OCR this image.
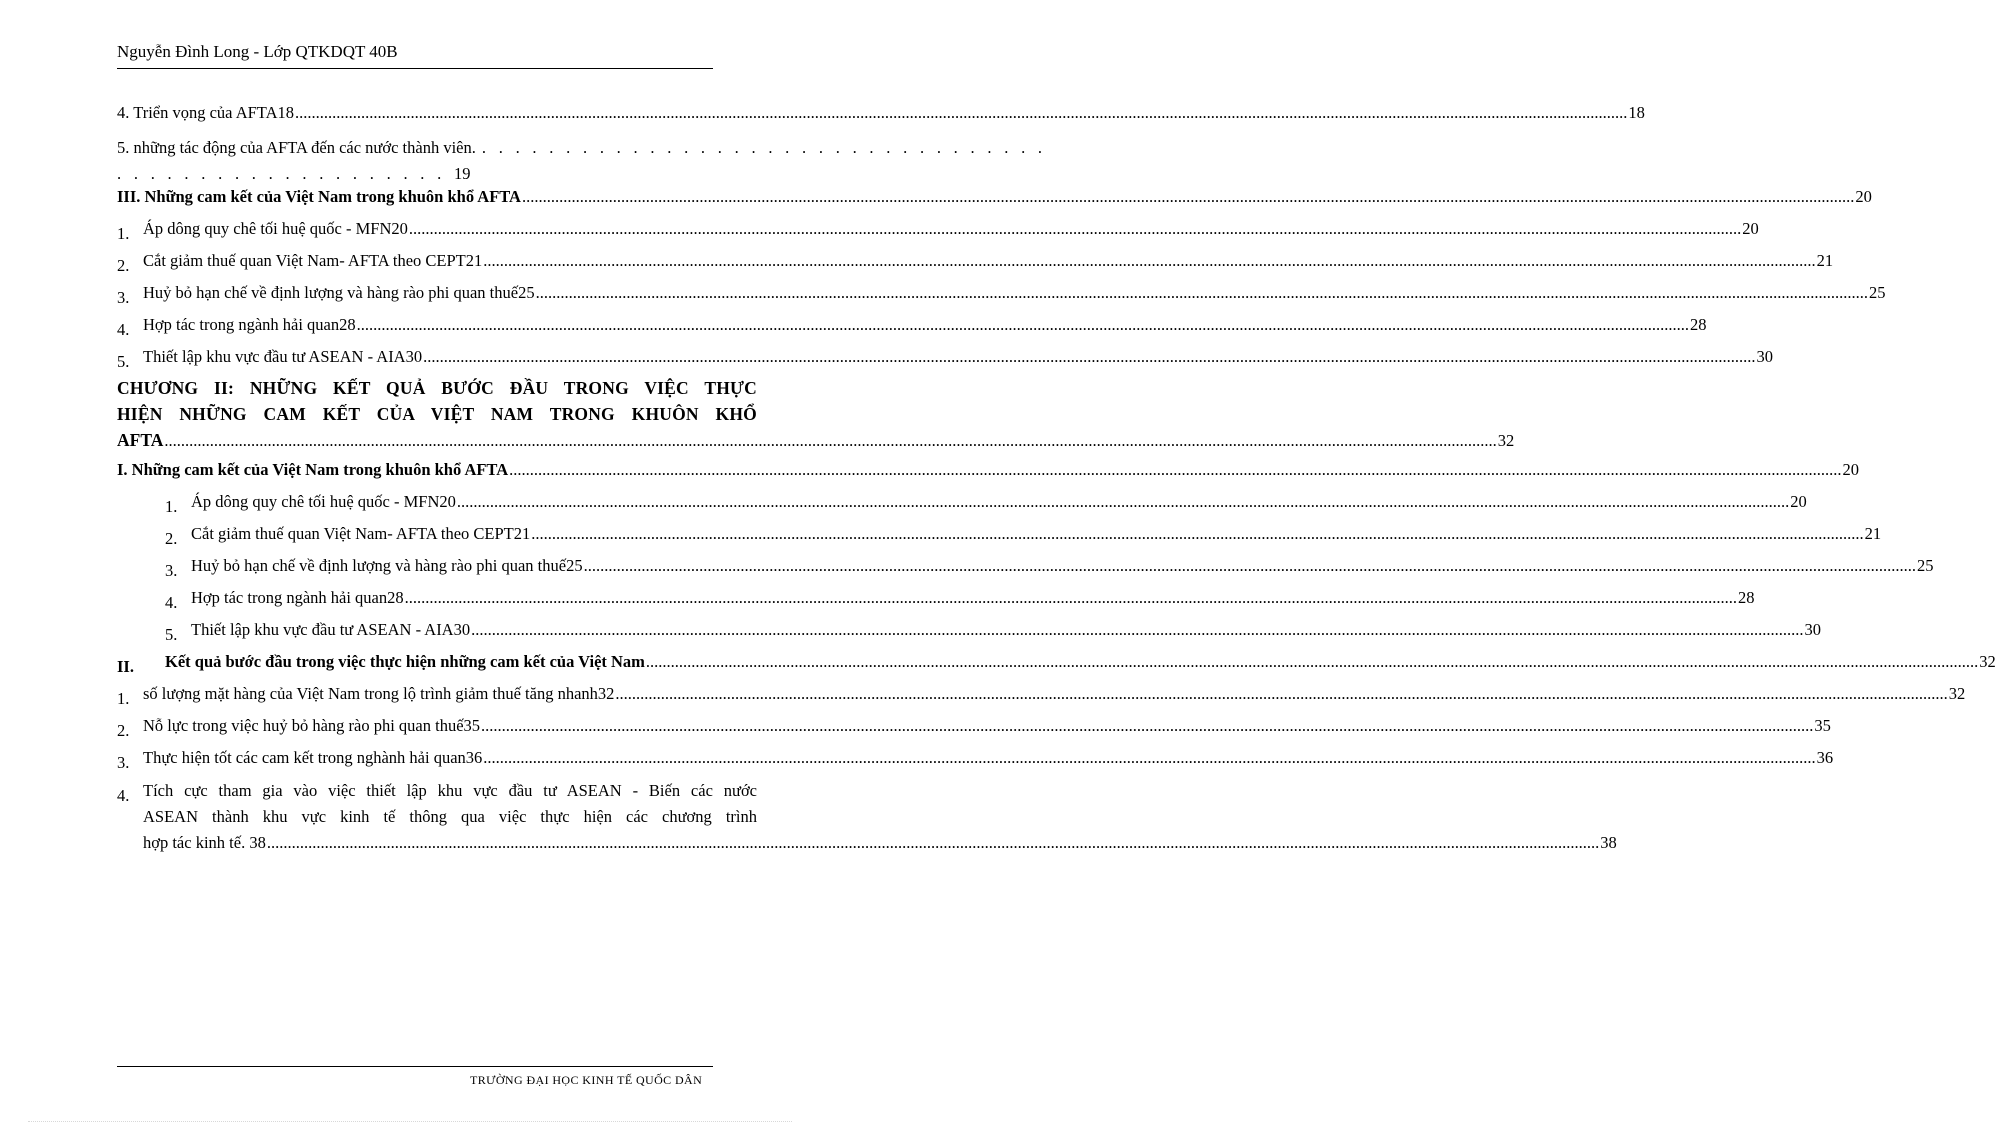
Nguyễn Đình Long - Lớp QTKDQT 40B
4. Triển vọng của AFTA18 .....	18
5. những tác động của AFTA đến các nước thành viên. . . . . . . . . . . . . . . . . . . . . . . . . . . . . . . . . . .
. . . . . . . . . . . . . . . . . . . . 19
III. Những cam kết của Việt Nam trong khuôn khổ AFTA .....	20
1. Áp dông quy chê tối huệ quốc - MFN20 .....	20
2. Cắt giảm thuế quan Việt Nam- AFTA theo CEPT21 .....	21
3. Huỷ bỏ hạn chế về định lượng và hàng rào phi quan thuế25 .....	25
4. Hợp tác trong ngành hải quan28 .....	28
5. Thiết lập khu vực đầu tư ASEAN - AIA30 .....	30
CHƯƠNG II: NHỮNG KẾT QUẢ BƯỚC ĐẦU TRONG VIỆC THỰC
HIỆN NHỮNG CAM KẾT CỦA VIỆT NAM TRONG KHUÔN KHỔ
AFTA .....	32
I. Những cam kết của Việt Nam trong khuôn khổ AFTA .....	20
1. Áp dông quy chê tối huệ quốc - MFN20 .....	20
2. Cắt giảm thuế quan Việt Nam- AFTA theo CEPT21 .....	21
3. Huỷ bỏ hạn chế về định lượng và hàng rào phi quan thuế25 .....	25
4. Hợp tác trong ngành hải quan28 .....	28
5. Thiết lập khu vực đầu tư ASEAN - AIA30 .....	30
II.	Kết quả bước đầu trong việc thực hiện những cam kết của Việt Nam .....	32
1. số lượng mặt hàng của Việt Nam trong lộ trình giảm thuế tăng nhanh32 .....	32
2. Nỗ lực trong việc huỷ bỏ hàng rào phi quan thuế35 .....	35
3. Thực hiện tốt các cam kết trong nghành hải quan36 .....	36
4. Tích cực tham gia vào việc thiết lập khu vực đầu tư ASEAN - Biến các nước
ASEAN thành khu vực kinh tế thông qua việc thực hiện các chương trình
hợp tác kinh tế. 38 .....	38
TRƯỜNG ĐẠI HỌC KINH TẾ QUỐC DÂN
